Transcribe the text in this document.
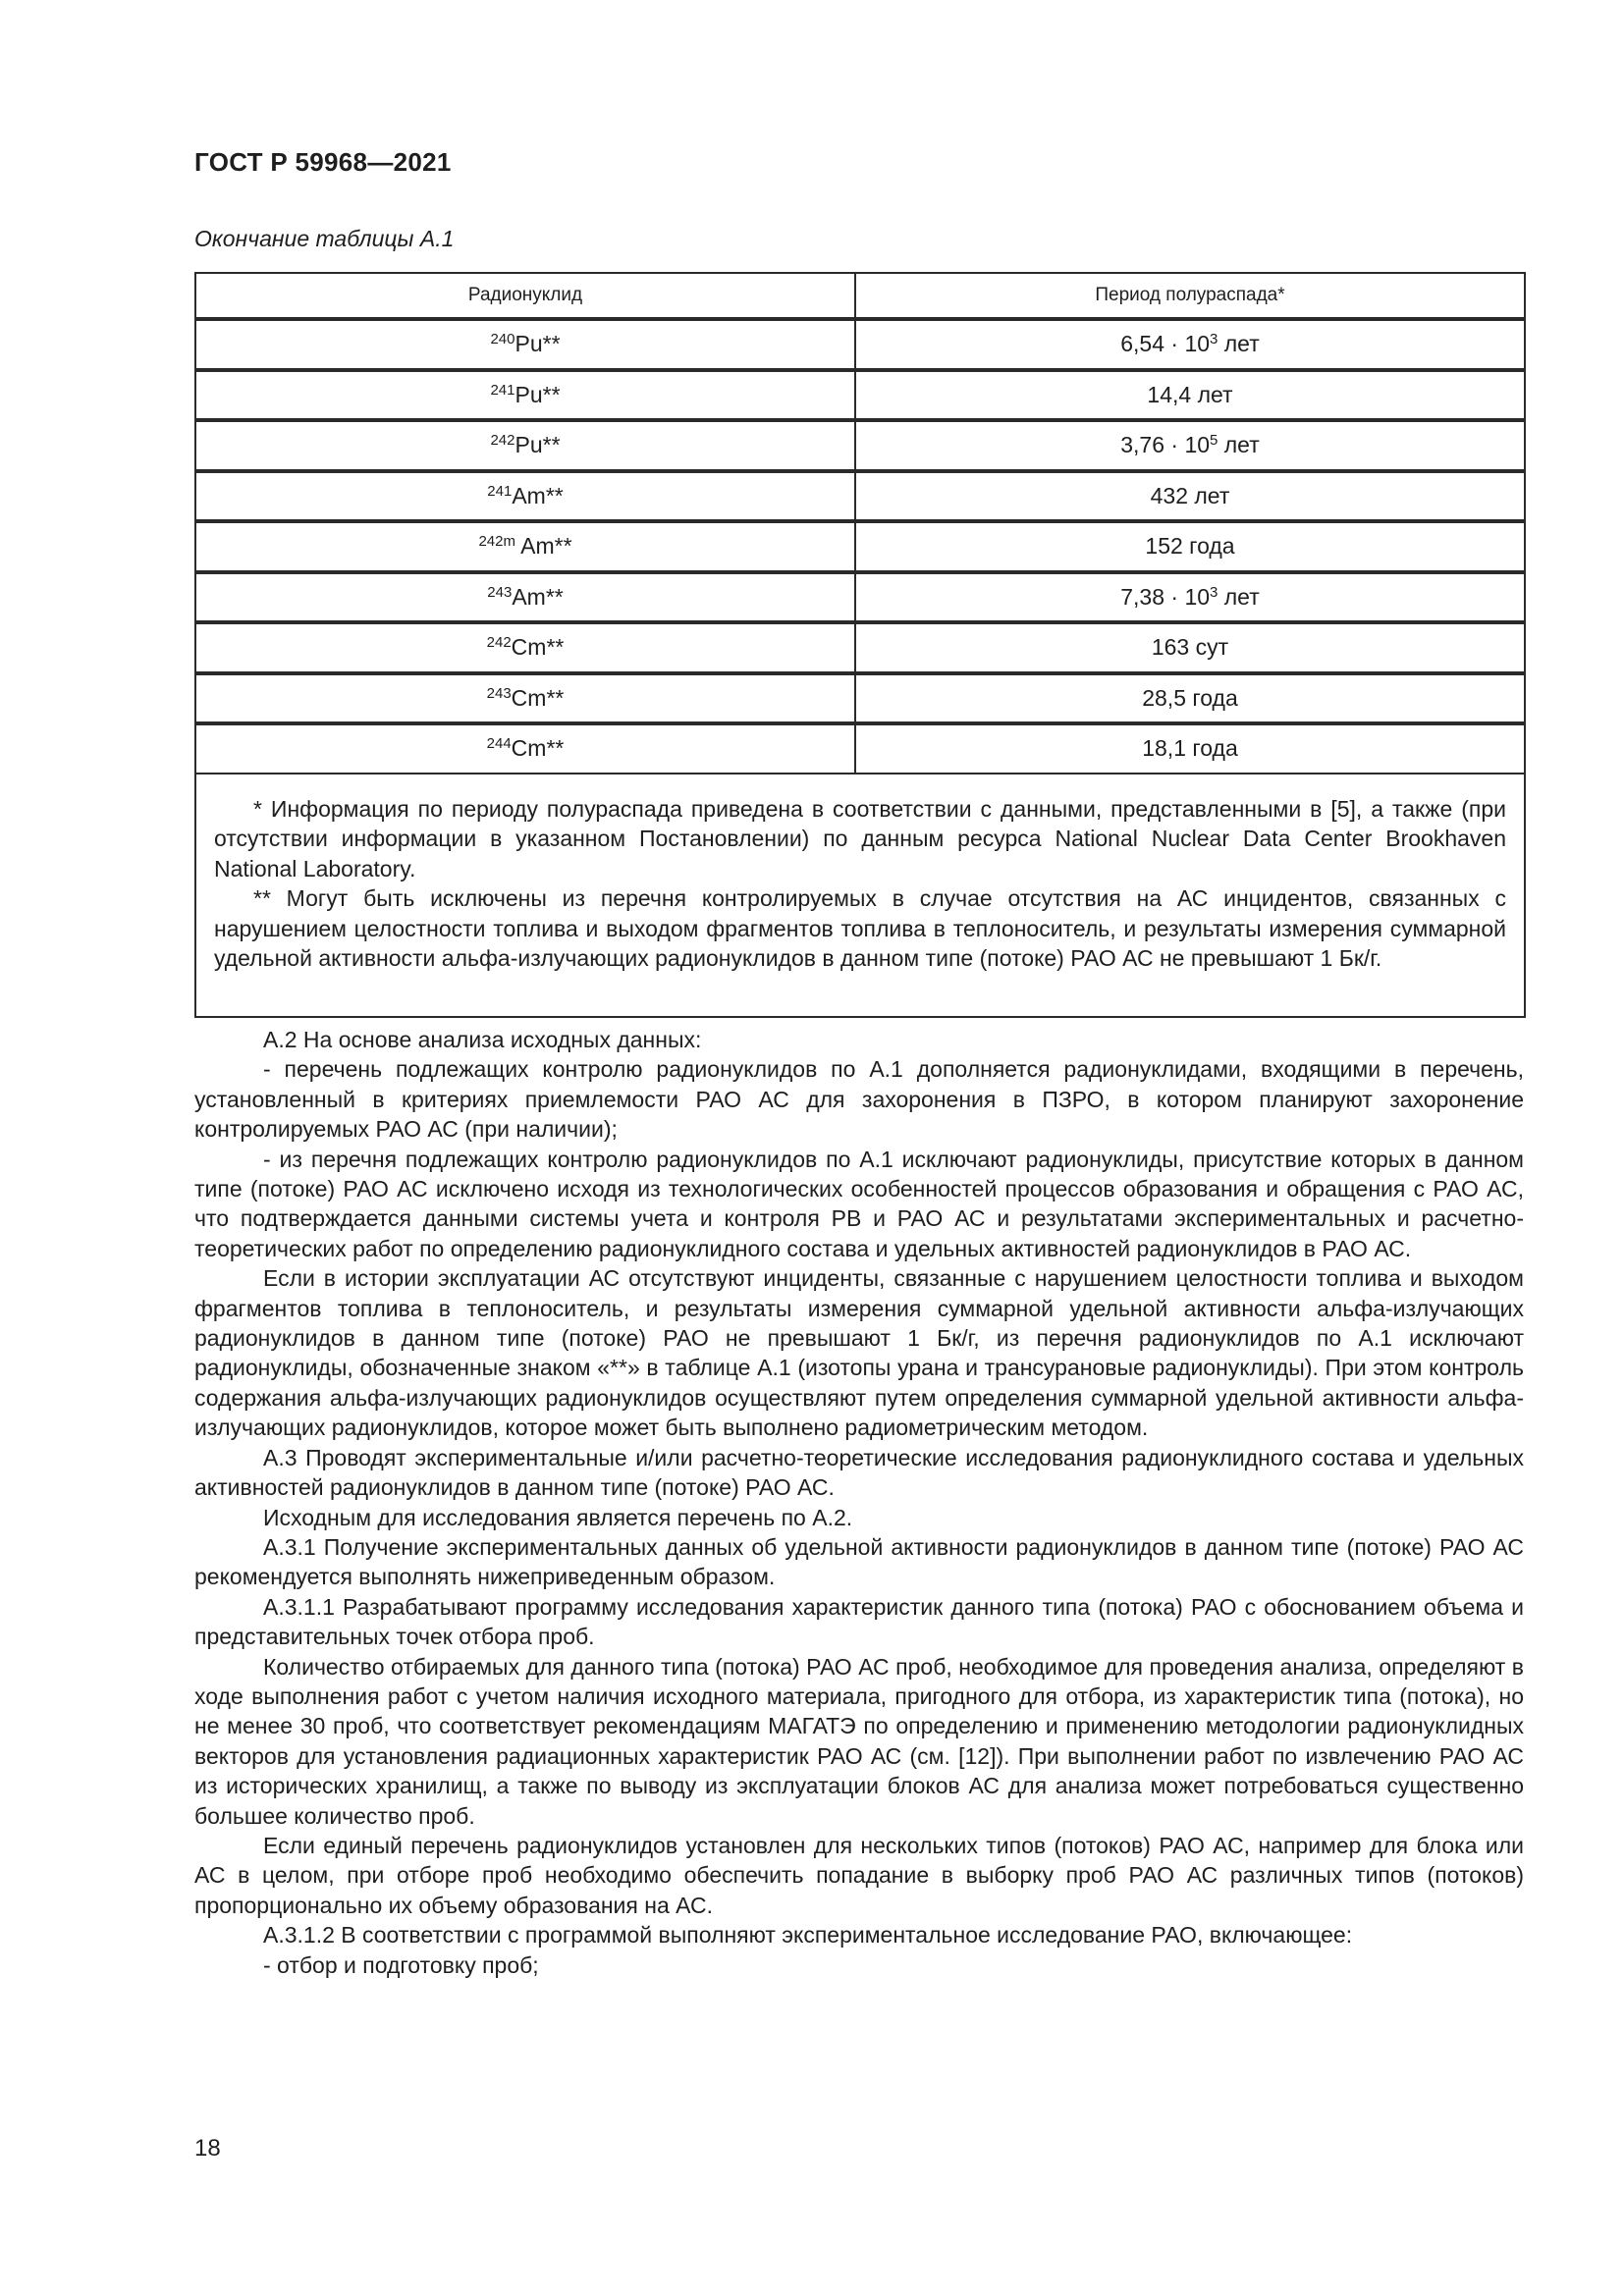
ГОСТ Р 59968—2021
Окончание таблицы А.1
Радионуклид	Период полураспада*
$^{240}$Pu**	$6,54 \cdot 10^3$ лет
$^{241}$Pu**	14,4 лет
$^{242}$Pu**	$3,76 \cdot 10^5$ лет
$^{241}$Am**	432 лет
$^{242m}$ Am**	152 года
$^{243}$Am**	$7,38 \cdot 10^3$ лет
$^{242}$Cm**	163 сут
$^{243}$Cm**	28,5 года
$^{244}$Cm**	18,1 года

* Информация по периоду полураспада приведена в соответствии с данными, представленными в [5], а также (при отсутствии информации в указанном Постановлении) по данным ресурса National Nuclear Data Center Brookhaven National Laboratory.

** Могут быть исключены из перечня контролируемых в случае отсутствия на АС инцидентов, связанных с нарушением целостности топлива и выходом фрагментов топлива в теплоноситель, и результаты измерения суммарной удельной активности альфа-излучающих радионуклидов в данном типе (потоке) РАО АС не превышают 1 Бк/г.	

А.2 На основе анализа исходных данных:

- перечень подлежащих контролю радионуклидов по А.1 дополняется радионуклидами, входящими в перечень, установленный в критериях приемлемости РАО АС для захоронения в ПЗРО, в котором планируют захоронение контролируемых РАО АС (при наличии);

- из перечня подлежащих контролю радионуклидов по А.1 исключают радионуклиды, присутствие которых в данном типе (потоке) РАО АС исключено исходя из технологических особенностей процессов образования и обращения с РАО АС, что подтверждается данными системы учета и контроля РВ и РАО АС и результатами экспериментальных и расчетно-теоретических работ по определению радионуклидного состава и удельных активностей радионуклидов в РАО АС.

Если в истории эксплуатации АС отсутствуют инциденты, связанные с нарушением целостности топлива и выходом фрагментов топлива в теплоноситель, и результаты измерения суммарной удельной активности альфа-излучающих радионуклидов в данном типе (потоке) РАО не превышают 1 Бк/г, из перечня радионуклидов по А.1 исключают радионуклиды, обозначенные знаком «**» в таблице А.1 (изотопы урана и трансурановые радионуклиды). При этом контроль содержания альфа-излучающих радионуклидов осуществляют путем определения суммарной удельной активности альфа-излучающих радионуклидов, которое может быть выполнено радиометрическим методом.

А.3 Проводят экспериментальные и/или расчетно-теоретические исследования радионуклидного состава и удельных активностей радионуклидов в данном типе (потоке) РАО АС.

Исходным для исследования является перечень по А.2.

А.3.1 Получение экспериментальных данных об удельной активности радионуклидов в данном типе (потоке) РАО АС рекомендуется выполнять нижеприведенным образом.

А.3.1.1 Разрабатывают программу исследования характеристик данного типа (потока) РАО с обоснованием объема и представительных точек отбора проб.

Количество отбираемых для данного типа (потока) РАО АС проб, необходимое для проведения анализа, определяют в ходе выполнения работ с учетом наличия исходного материала, пригодного для отбора, из характеристик типа (потока), но не менее 30 проб, что соответствует рекомендациям МАГАТЭ по определению и применению методологии радионуклидных векторов для установления радиационных характеристик РАО АС (см. [12]). При выполнении работ по извлечению РАО АС из исторических хранилищ, а также по выводу из эксплуатации блоков АС для анализа может потребоваться существенно большее количество проб.

Если единый перечень радионуклидов установлен для нескольких типов (потоков) РАО АС, например для блока или АС в целом, при отборе проб необходимо обеспечить попадание в выборку проб РАО АС различных типов (потоков) пропорционально их объему образования на АС.

А.3.1.2 В соответствии с программой выполняют экспериментальное исследование РАО, включающее:

- отбор и подготовку проб;

18
